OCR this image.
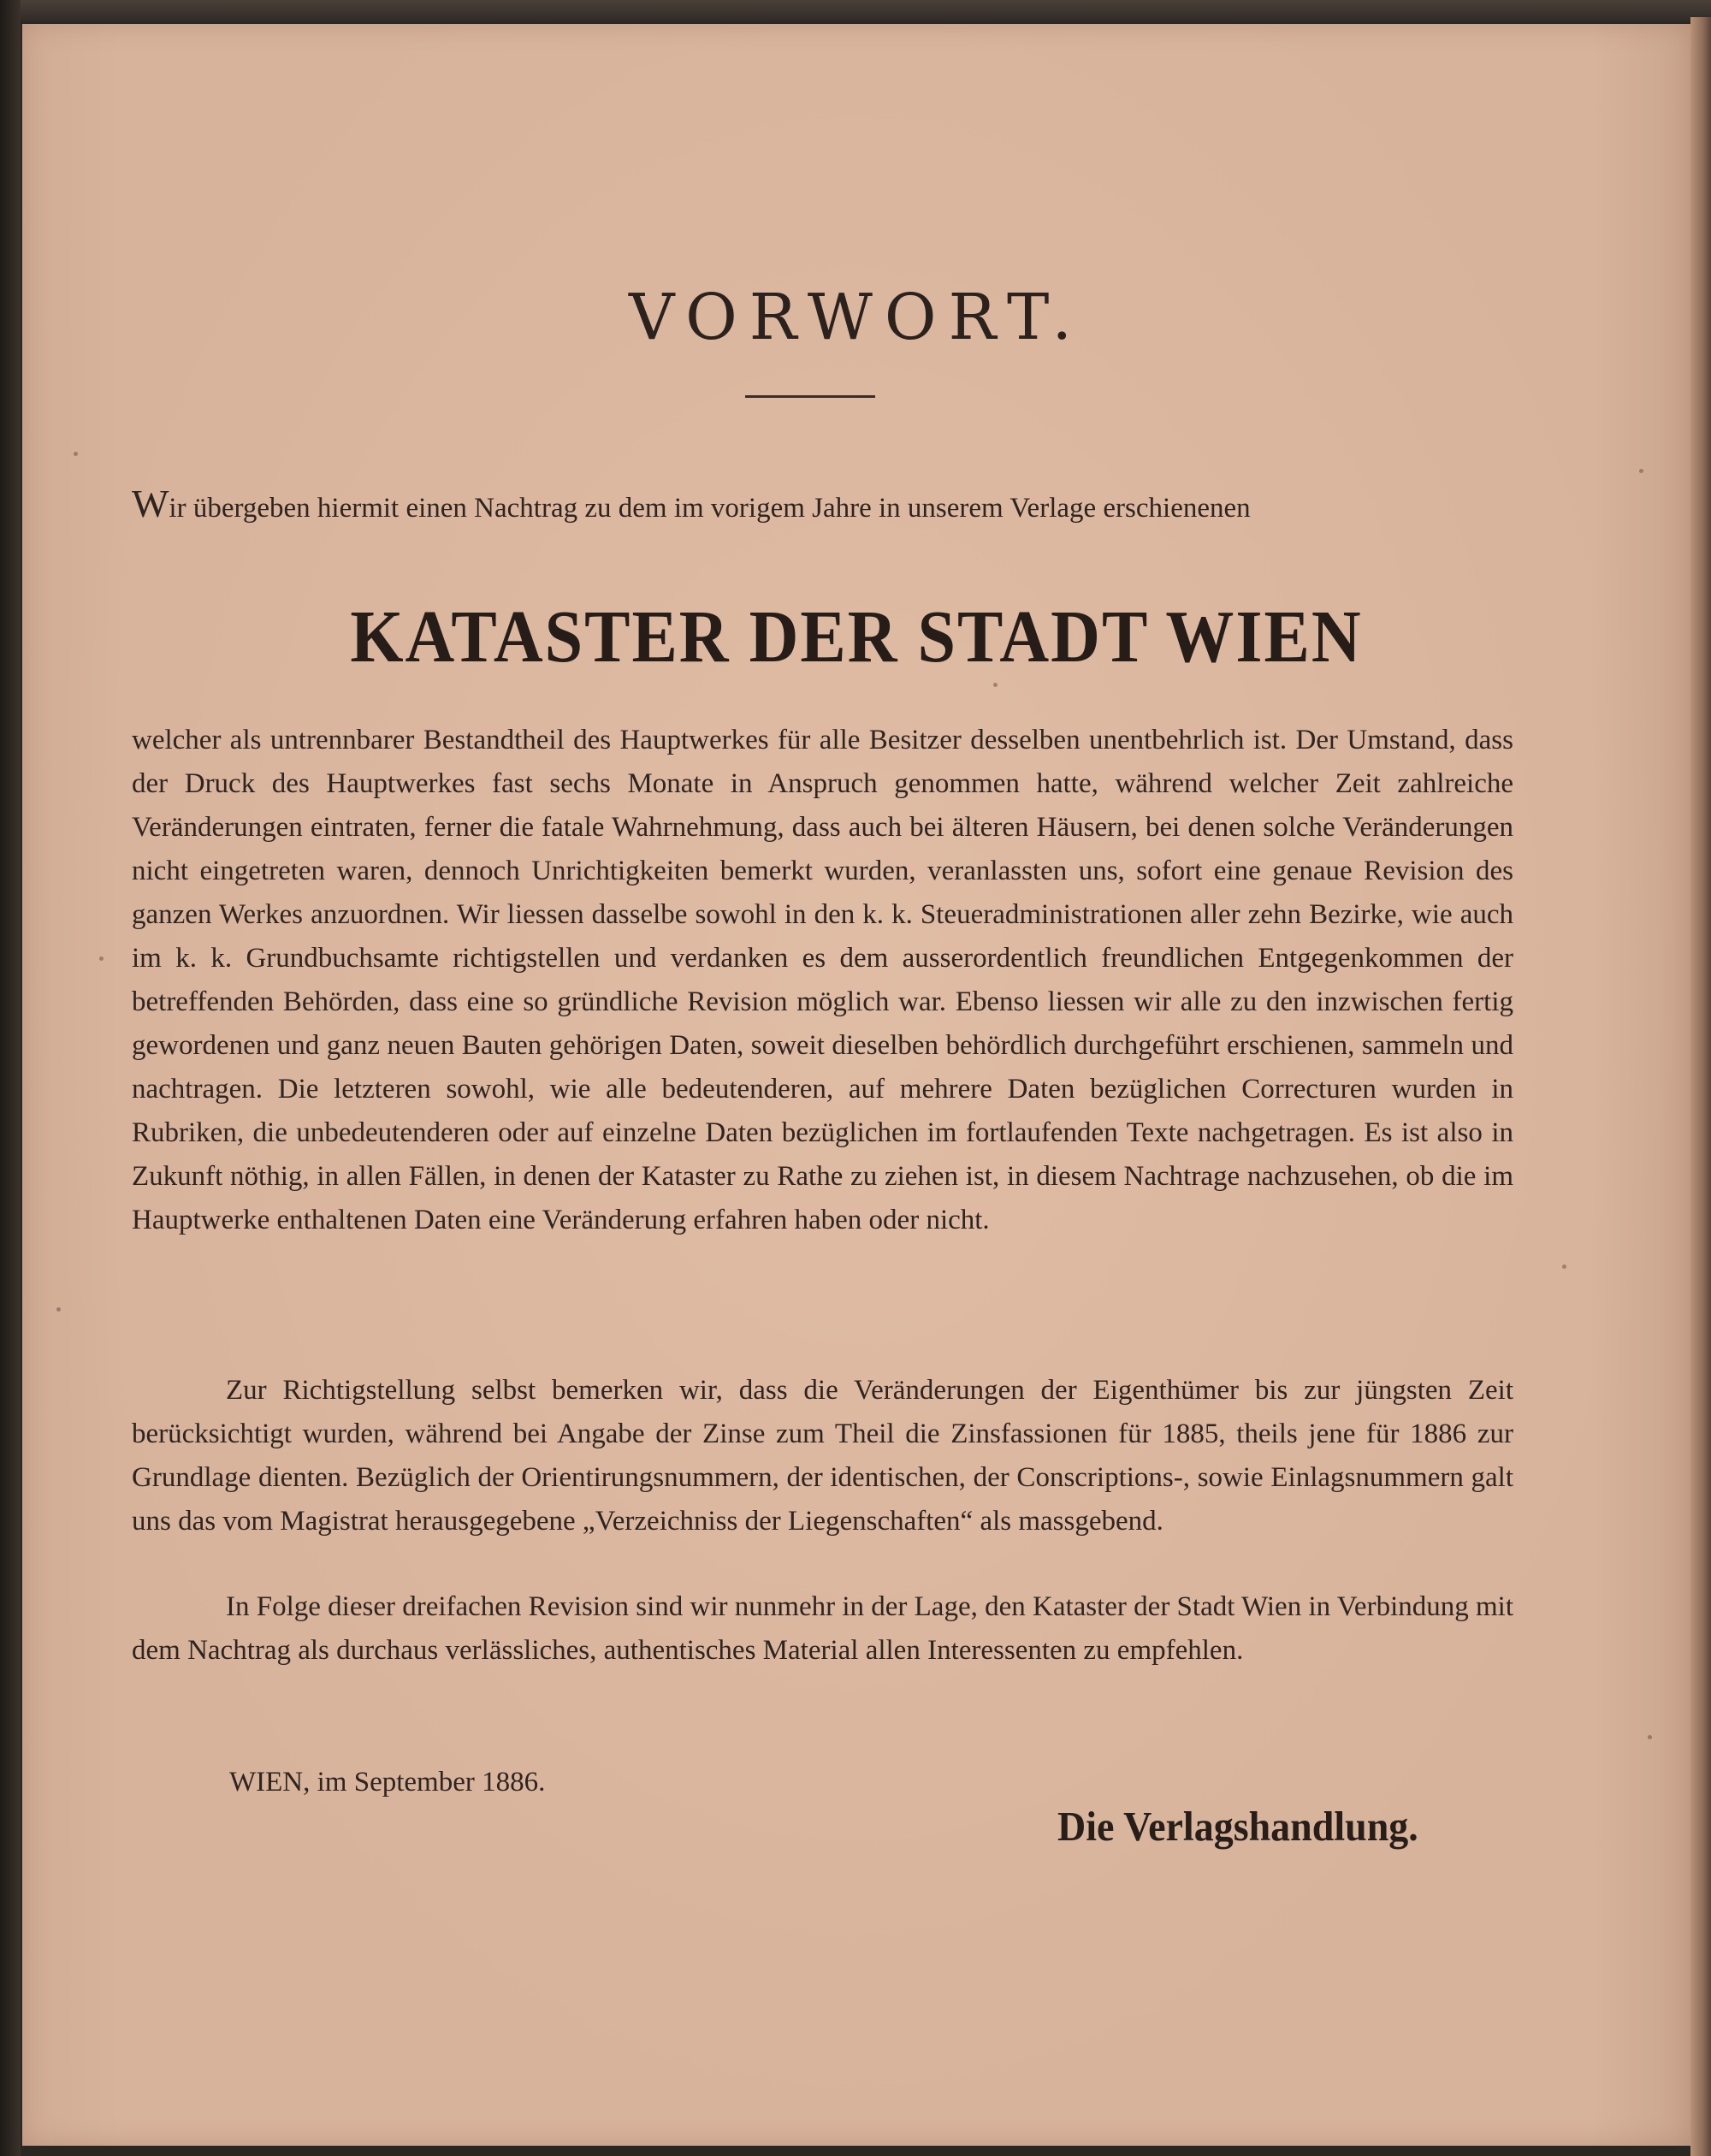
VORWORT.

Wir übergeben hiermit einen Nachtrag zu dem im vorigem Jahre in unserem Verlage erschienenen

KATASTER DER STADT WIEN

welcher als untrennbarer Bestandtheil des Hauptwerkes für alle Besitzer desselben unentbehrlich ist. Der Umstand, dass der Druck des Hauptwerkes fast sechs Monate in Anspruch genommen hatte, während welcher Zeit zahlreiche Veränderungen eintraten, ferner die fatale Wahrnehmung, dass auch bei älteren Häusern, bei denen solche Veränderungen nicht eingetreten waren, dennoch Unrichtigkeiten bemerkt wurden, veranlassten uns, sofort eine genaue Revision des ganzen Werkes anzuordnen. Wir liessen dasselbe sowohl in den k. k. Steueradministrationen aller zehn Bezirke, wie auch im k. k. Grundbuchsamte richtigstellen und verdanken es dem ausserordentlich freundlichen Entgegenkommen der betreffenden Behörden, dass eine so gründliche Revision möglich war. Ebenso liessen wir alle zu den inzwischen fertig gewordenen und ganz neuen Bauten gehörigen Daten, soweit dieselben behördlich durchgeführt erschienen, sammeln und nachtragen. Die letzteren sowohl, wie alle bedeutenderen, auf mehrere Daten bezüglichen Correcturen wurden in Rubriken, die unbedeutenderen oder auf einzelne Daten bezüglichen im fortlaufenden Texte nachgetragen. Es ist also in Zukunft nöthig, in allen Fällen, in denen der Kataster zu Rathe zu ziehen ist, in diesem Nachtrage nachzusehen, ob die im Hauptwerke enthaltenen Daten eine Veränderung erfahren haben oder nicht.

Zur Richtigstellung selbst bemerken wir, dass die Veränderungen der Eigenthümer bis zur jüngsten Zeit berücksichtigt wurden, während bei Angabe der Zinse zum Theil die Zinsfassionen für 1885, theils jene für 1886 zur Grundlage dienten. Bezüglich der Orientirungsnummern, der identischen, der Conscriptions-, sowie Einlagsnummern galt uns das vom Magistrat herausgegebene „Verzeichniss der Liegenschaften“ als massgebend.

In Folge dieser dreifachen Revision sind wir nunmehr in der Lage, den Kataster der Stadt Wien in Verbindung mit dem Nachtrag als durchaus verlässliches, authentisches Material allen Interessenten zu empfehlen.

WIEN, im September 1886.

Die Verlagshandlung.
